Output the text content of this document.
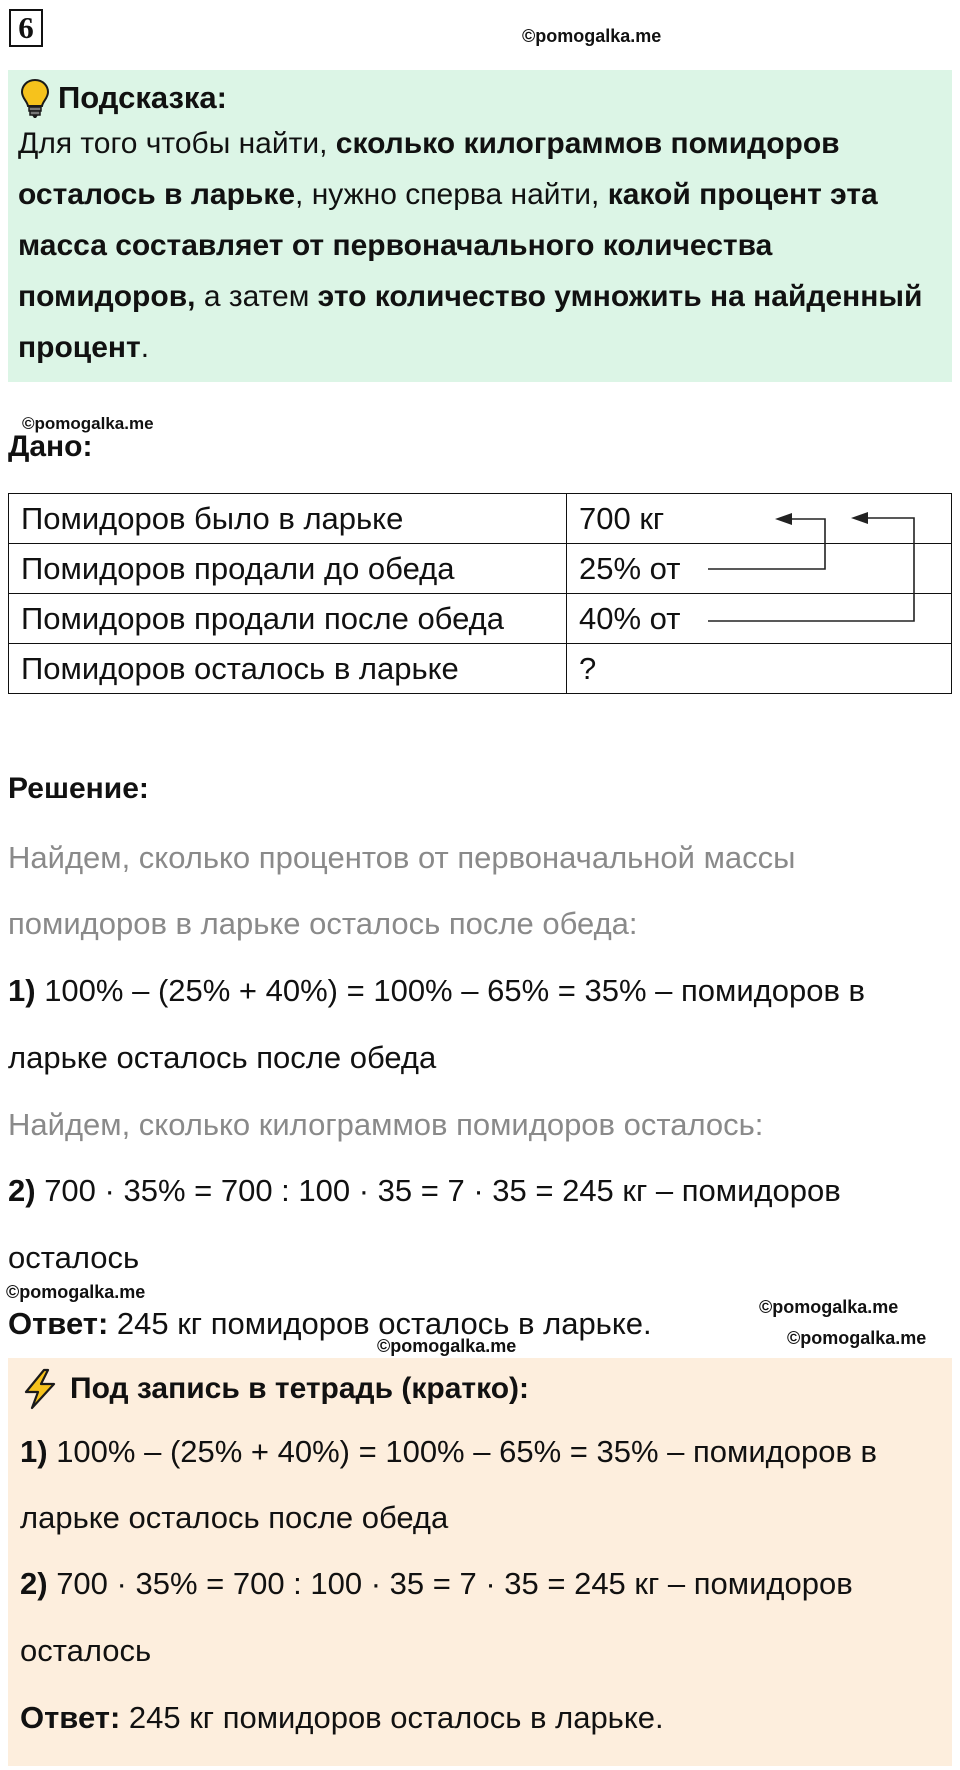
6	©pomogalka.me
Подсказка:
Для того чтобы найти, сколько килограммов помидоров осталось в ларьке, нужно сперва найти, какой процент эта масса составляет от первоначального количества помидоров, а затем это количество умножить на найденный процент.
©pomogalka.me
Дано:
Помидоров было в ларьке	700 кг
Помидоров продали до обеда	25% от
Помидоров продали после обеда	40% от
Помидоров осталось в ларьке	?
Решение:
Найдем, сколько процентов от первоначальной массы
помидоров в ларьке осталось после обеда:
1) 100% – (25% + 40%) = 100% – 65% = 35% – помидоров в
ларьке осталось после обеда
Найдем, сколько килограммов помидоров осталось:
2) 700 · 35% = 700 : 100 · 35 = 7 · 35 = 245 кг – помидоров
осталось
©pomogalka.me
Ответ: 245 кг помидоров осталось в ларьке.	©pomogalka.me
©pomogalka.me
©pomogalka.me
Под запись в тетрадь (кратко):
1) 100% – (25% + 40%) = 100% – 65% = 35% – помидоров в
ларьке осталось после обеда
2) 700 · 35% = 700 : 100 · 35 = 7 · 35 = 245 кг – помидоров
осталось
Ответ: 245 кг помидоров осталось в ларьке.
